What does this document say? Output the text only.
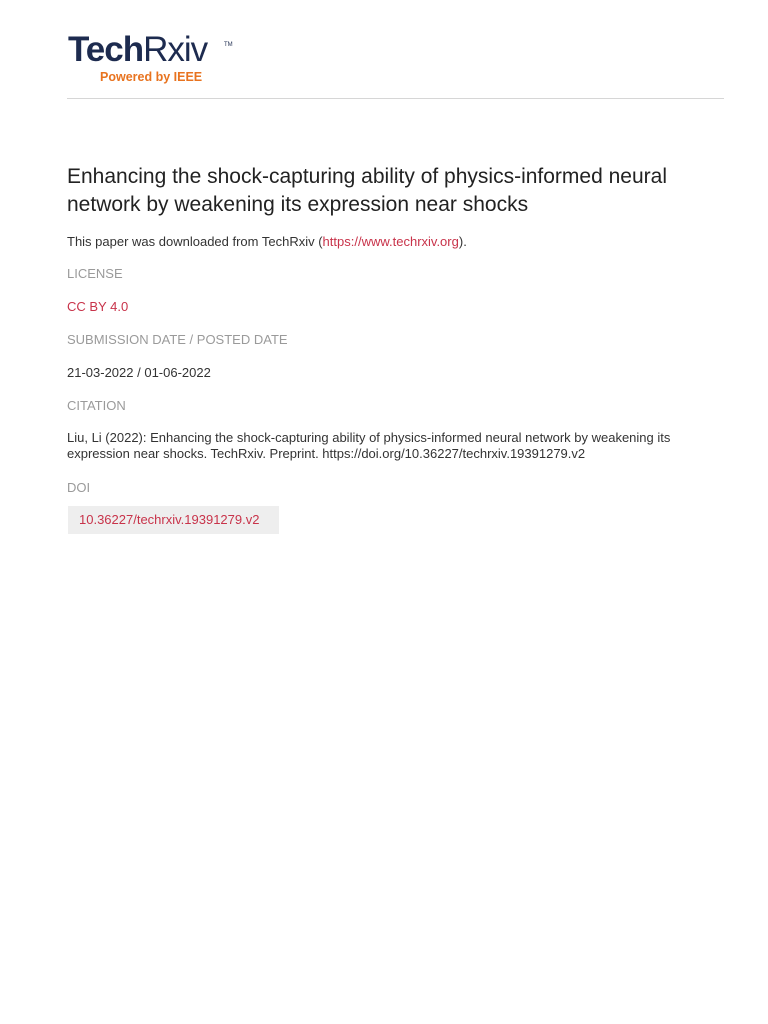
TechRxiv	TM
Powered by IEEE
Enhancing the shock-capturing ability of physics-informed neural network by weakening its expression near shocks
This paper was downloaded from TechRxiv (https://www.techrxiv.org).
LICENSE
CC BY 4.0
SUBMISSION DATE / POSTED DATE
21-03-2022 / 01-06-2022
CITATION
Liu, Li (2022): Enhancing the shock-capturing ability of physics-informed neural network by weakening its expression near shocks. TechRxiv. Preprint. https://doi.org/10.36227/techrxiv.19391279.v2
DOI
10.36227/techrxiv.19391279.v2
